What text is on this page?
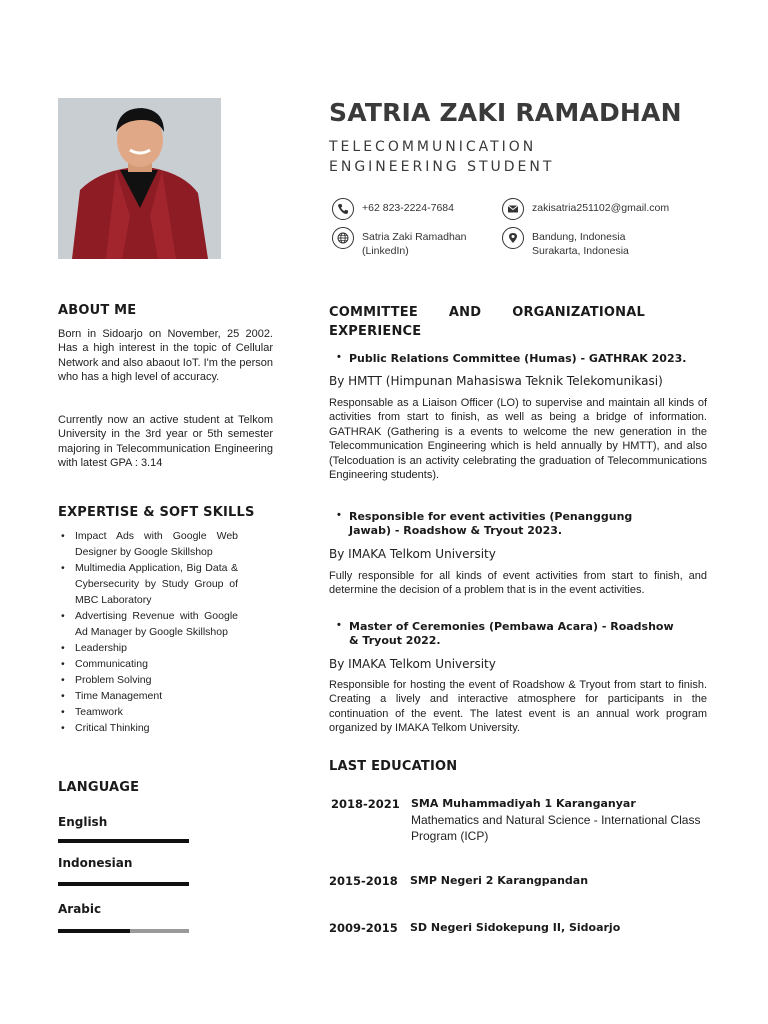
SATRIA ZAKI RAMADHAN
TELECOMMUNICATION
ENGINEERING STUDENT
+62 823-2224-7684	zakisatria251102@gmail.com
Satria Zaki Ramadhan
(LinkedIn)
Bandung, Indonesia
Surakarta, Indonesia
ABOUT ME
Born in Sidoarjo on November, 25 2002. Has a high interest in the topic of Cellular Network and also abaout IoT. I'm the person who has a high level of accuracy.
Currently now an active student at Telkom University in the 3rd year or 5th semester majoring in Telecommunication Engineering with latest GPA : 3.14
EXPERTISE & SOFT SKILLS
• Impact Ads with Google Web Designer by Google Skillshop
• Multimedia Application, Big Data & Cybersecurity by Study Group of MBC Laboratory
• Advertising Revenue with Google Ad Manager by Google Skillshop
• Leadership
• Communicating
• Problem Solving
• Time Management
• Teamwork
• Critical Thinking
LANGUAGE
English
Indonesian
Arabic
COMMITTEE AND ORGANIZATIONAL
EXPERIENCE
• Public Relations Committee (Humas) - GATHRAK 2023.
By HMTT (Himpunan Mahasiswa Teknik Telekomunikasi)
Responsable as a Liaison Officer (LO) to supervise and maintain all kinds of activities from start to finish, as well as being a bridge of information. GATHRAK (Gathering is a events to welcome the new generation in the Telecommunication Engineering which is held annually by HMTT), and also (Telcoduation is an activity celebrating the graduation of Telecommunications Engineering students).
• Responsible for event activities (Penanggung
Jawab) - Roadshow & Tryout 2023.
By IMAKA Telkom University
Fully responsible for all kinds of event activities from start to finish, and determine the decision of a problem that is in the event activities.
• Master of Ceremonies (Pembawa Acara) - Roadshow
& Tryout 2022.
By IMAKA Telkom University
Responsible for hosting the event of Roadshow & Tryout from start to finish. Creating a lively and interactive atmosphere for participants in the continuation of the event. The latest event is an annual work program organized by IMAKA Telkom University.
LAST EDUCATION
2018-2021 SMA Muhammadiyah 1 Karanganyar
Mathematics and Natural Science - International Class Program (ICP)
2015-2018 SMP Negeri 2 Karangpandan
2009-2015 SD Negeri Sidokepung II, Sidoarjo
